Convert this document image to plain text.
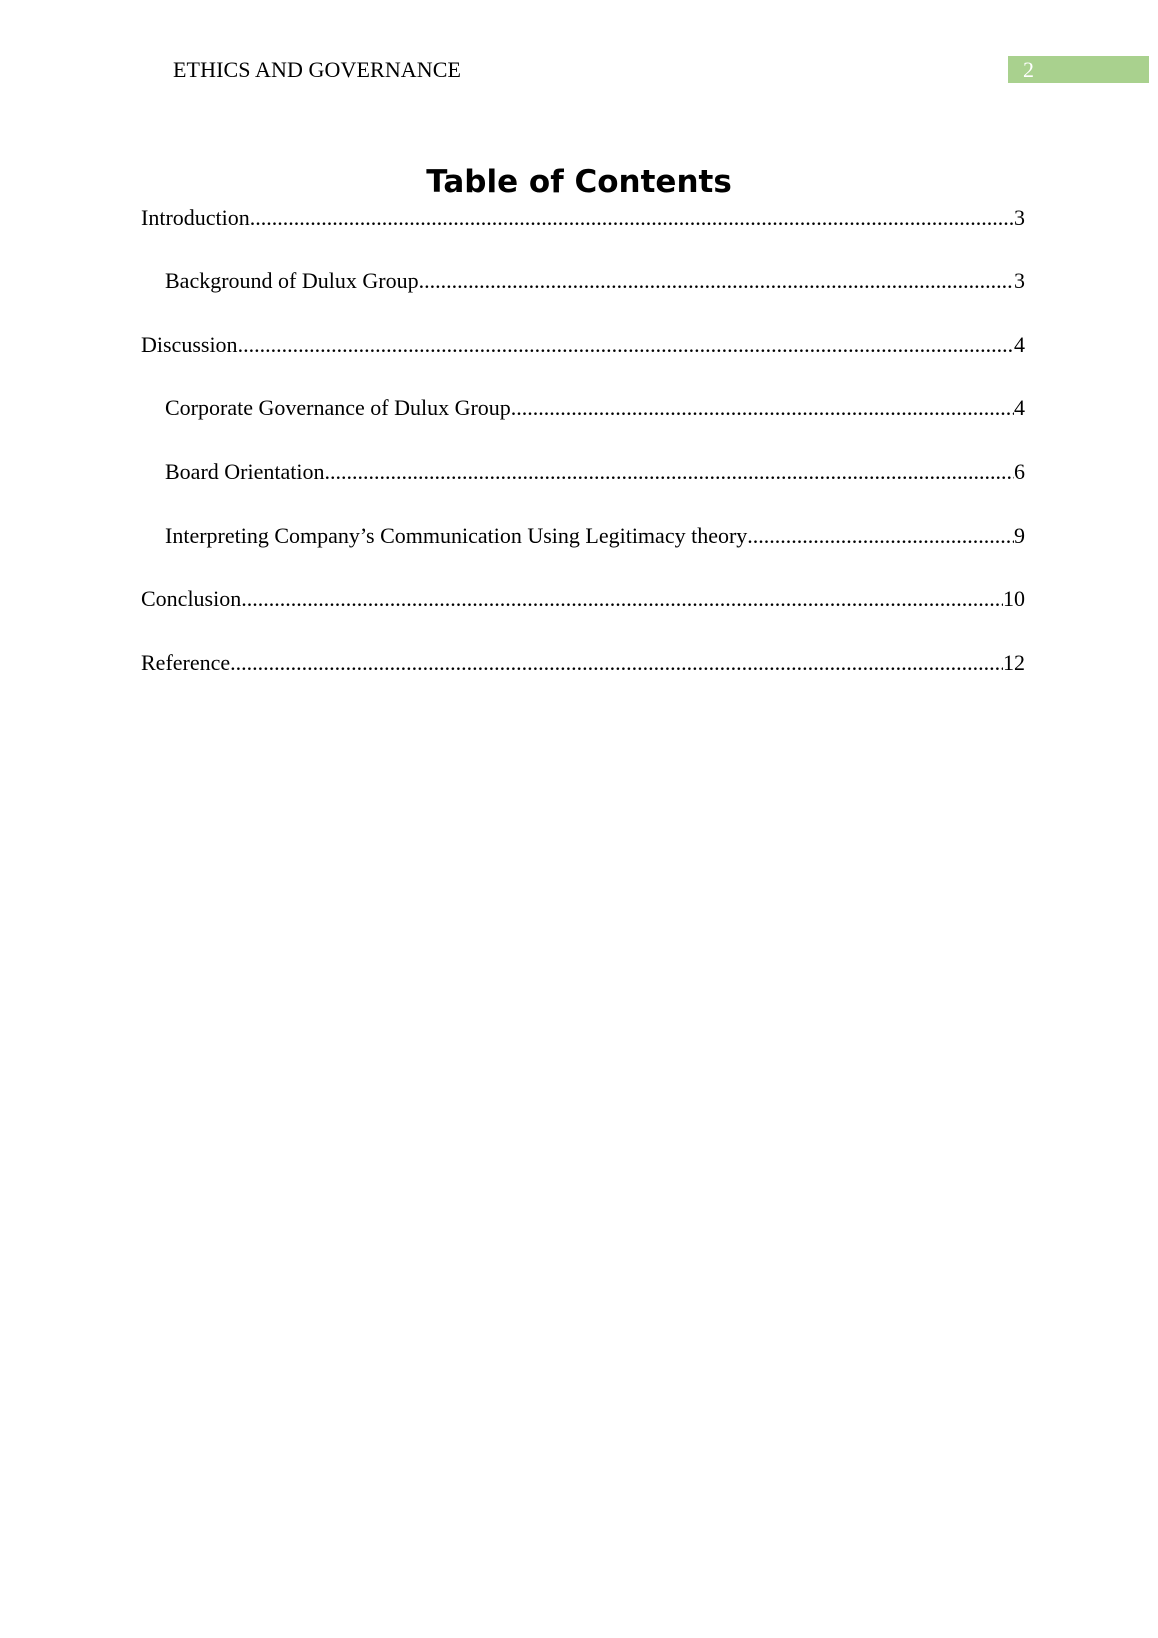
ETHICS AND GOVERNANCE	2
Table of Contents
Introduction .....	3
Background of Dulux Group .....	3
Discussion .....	4
Corporate Governance of Dulux Group .....	4
Board Orientation .....	6
Interpreting Company’s Communication Using Legitimacy theory .....	9
Conclusion .....	10
Reference .....	12
